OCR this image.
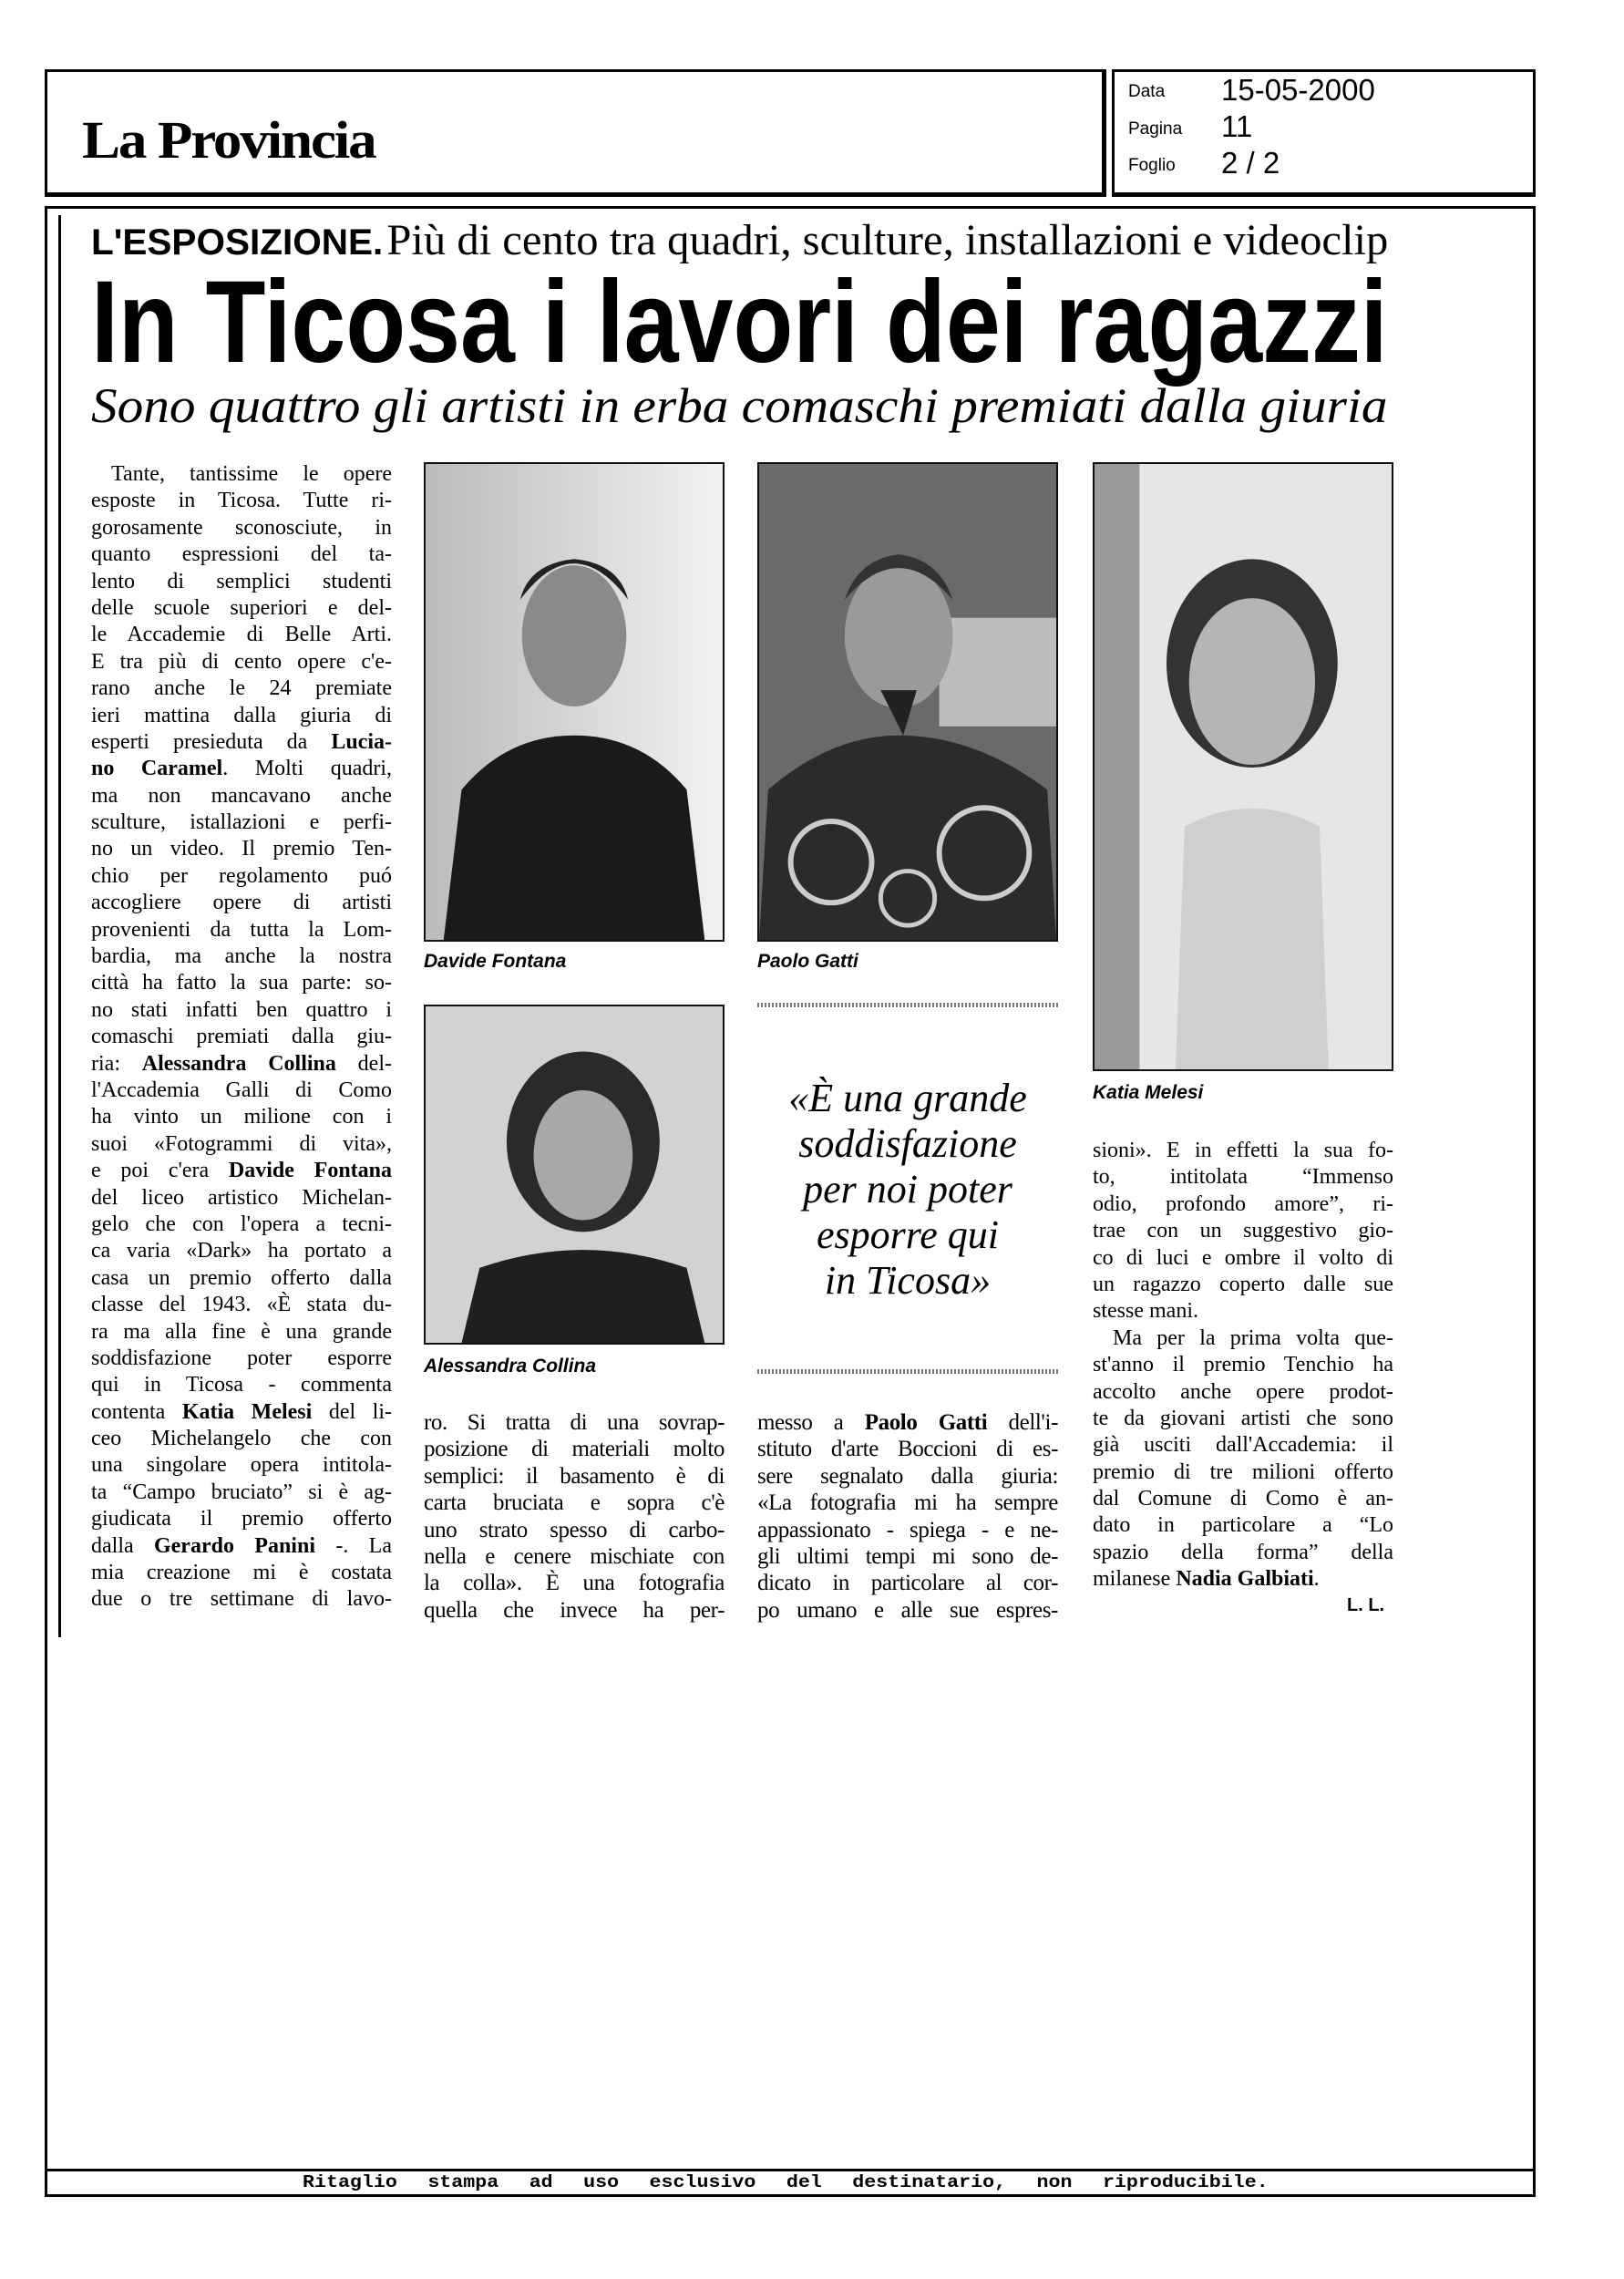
La Provincia
Data 15-05-2000
Pagina 11
Foglio 2 / 2
L'ESPOSIZIONE. Più di cento tra quadri, sculture, installazioni e videoclip
In Ticosa i lavori dei ragazzi
Sono quattro gli artisti in erba comaschi premiati dalla giuria
Davide Fontana	Paolo Gatti
Katia Melesi
Alessandra Collina
«È una grande
soddisfazione
per noi poter
esporre qui
in Ticosa»
Tante, tantissime le opere
esposte in Ticosa. Tutte ri-
gorosamente sconosciute, in
quanto espressioni del ta-
lento di semplici studenti
delle scuole superiori e del-
le Accademie di Belle Arti.
E tra più di cento opere c'e-
rano anche le 24 premiate
ieri mattina dalla giuria di
esperti presieduta da Lucia-
no Caramel. Molti quadri,
ma non mancavano anche
sculture, istallazioni e perfi-
no un video. Il premio Ten-
chio per regolamento puó
accogliere opere di artisti
provenienti da tutta la Lom-
bardia, ma anche la nostra
città ha fatto la sua parte: so-
no stati infatti ben quattro i
comaschi premiati dalla giu-
ria: Alessandra Collina del-
l'Accademia Galli di Como
ha vinto un milione con i
suoi «Fotogrammi di vita»,
e poi c'era Davide Fontana
del liceo artistico Michelan-
gelo che con l'opera a tecni-
ca varia «Dark» ha portato a
casa un premio offerto dalla
classe del 1943. «È stata du-
ra ma alla fine è una grande
soddisfazione poter esporre
qui in Ticosa - commenta
contenta Katia Melesi del li-
ceo Michelangelo che con
una singolare opera intitola-
ta “Campo bruciato” si è ag-
giudicata il premio offerto
dalla Gerardo Panini -. La
mia creazione mi è costata
due o tre settimane di lavo-
ro. Si tratta di una sovrap-
posizione di materiali molto
semplici: il basamento è di
carta bruciata e sopra c'è
uno strato spesso di carbo-
nella e cenere mischiate con
la colla». È una fotografia
quella che invece ha per-
messo a Paolo Gatti dell'i-
stituto d'arte Boccioni di es-
sere segnalato dalla giuria:
«La fotografia mi ha sempre
appassionato - spiega - e ne-
gli ultimi tempi mi sono de-
dicato in particolare al cor-
po umano e alle sue espres-
sioni». E in effetti la sua fo-
to, intitolata “Immenso
odio, profondo amore”, ri-
trae con un suggestivo gio-
co di luci e ombre il volto di
un ragazzo coperto dalle sue
stesse mani.
Ma per la prima volta que-
st'anno il premio Tenchio ha
accolto anche opere prodot-
te da giovani artisti che sono
già usciti dall'Accademia: il
premio di tre milioni offerto
dal Comune di Como è an-
dato in particolare a “Lo
spazio della forma” della
milanese Nadia Galbiati.
L. L.
Ritaglio stampa ad uso esclusivo del destinatario, non riproducibile.
